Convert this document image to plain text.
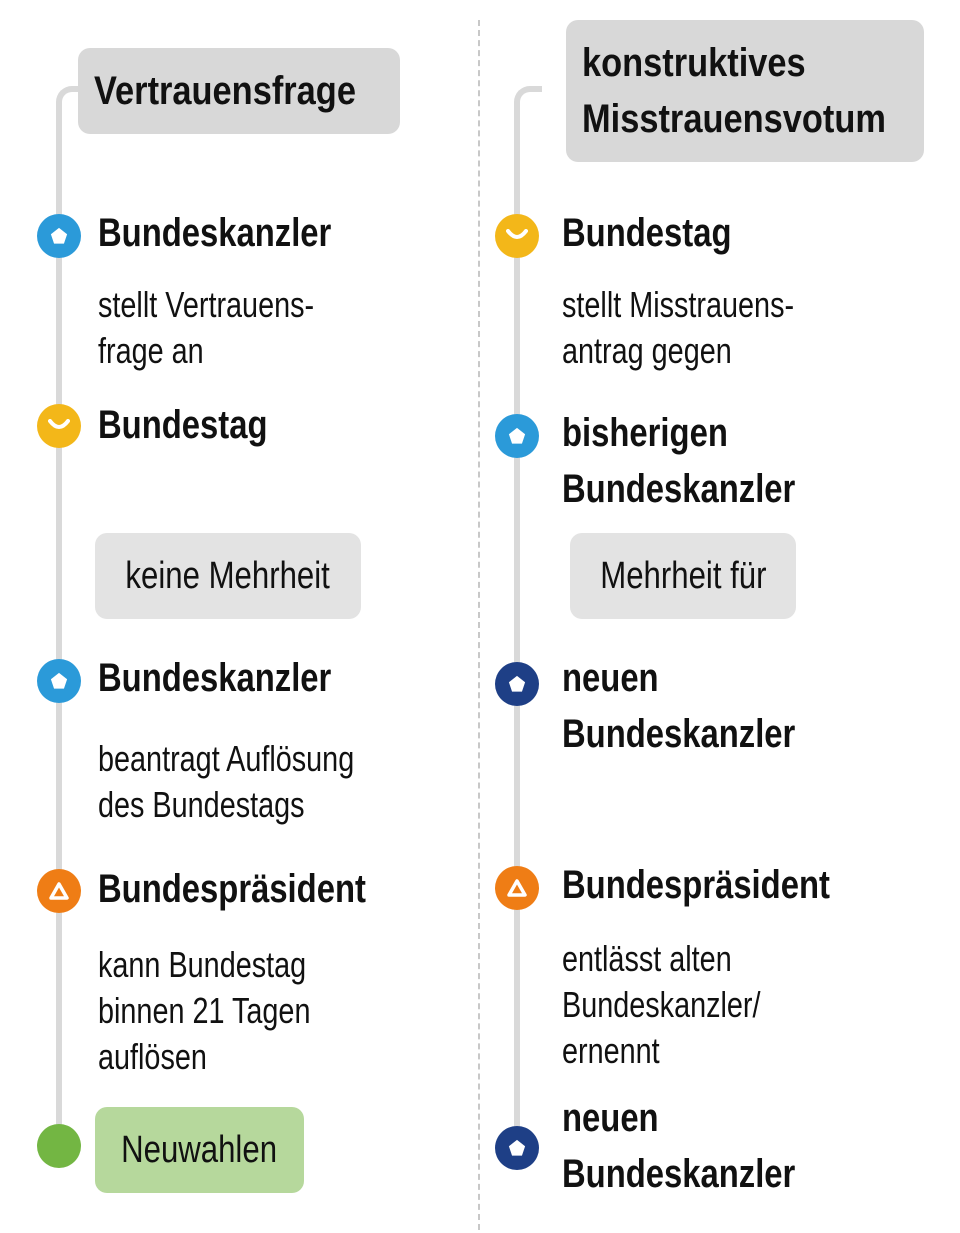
Vertrauensfrage
Bundeskanzler
stellt Vertrauens-
frage an
Bundestag
keine Mehrheit
Bundeskanzler
beantragt Auflösung
des Bundestags
Bundespräsident
kann Bundestag
binnen 21 Tagen
auflösen
Neuwahlen
konstruktives
Misstrauensvotum
Bundestag
stellt Misstrauens-
antrag gegen
bisherigen
Bundeskanzler
Mehrheit für
neuen
Bundeskanzler
Bundespräsident
entlässt alten
Bundeskanzler/
ernennt
neuen
Bundeskanzler
